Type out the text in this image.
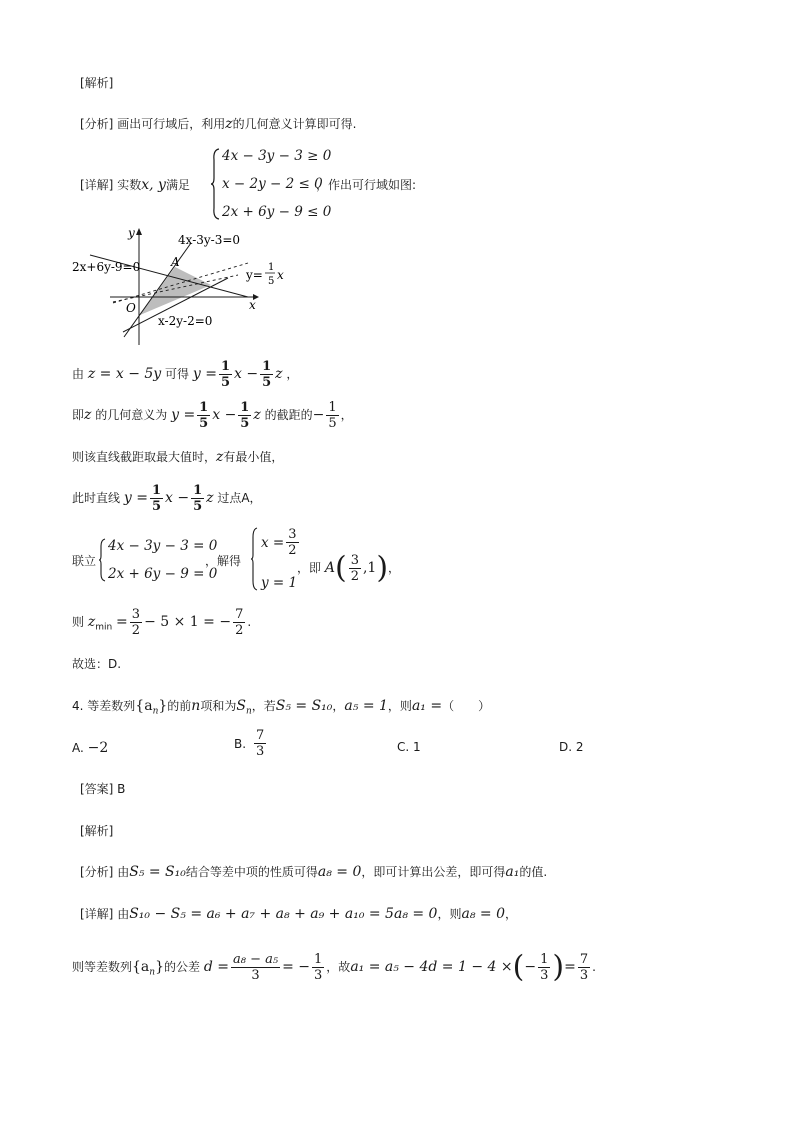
[解析]
[分析] 画出可行域后，利用z的几何意义计算即可得.
[详解] 实数x, y满足
4x − 3y − 3 ≥ 0
x − 2y − 2 ≤ 0
2x + 6y − 9 ≤ 0
，作出可行域如图:
y
x
O
A
4x-3y-3=0
2x+6y-9=0
x-2y-2=0
y=
1
5 x
由 z = x − 5y 可得 $y = \frac{1}{5}$ $x - \frac{1}{5}$ z ，
即z 的几何意义为 $y = \frac{1}{5}$ $x - \frac{1}{5}$ z 的截距的− $\frac{1}{5}$ ，
则该直线截距取最大值时，z有最小值，
此时直线 $y = \frac{1}{5}$ $x - \frac{1}{5}$ z 过点A，
联立
4x − 3y − 3 = 0
2x + 6y − 9 = 0
，解得
$x = \frac{3}{2}$
y = 1
，即 $A( \frac{3}{2} ,1)$，
则 $z_{min} = \frac{3}{2} - 5 \times 1$ = − $\frac{7}{2}$ .
故选：D.
4. 等差数列$\{a_n\}$的前n项和为$S_n$，若S₅ = S₁₀，a₅ = 1，则a₁ =（　　）
A. −2	B. $\frac{7}{3}$	C. 1	D. 2
[答案] B
[解析]
[分析] 由S₅ = S₁₀结合等差中项的性质可得a₈ = 0，即可计算出公差，即可得a₁的值.
[详解] 由S₁₀ − S₅ = a₆ + a₇ + a₈ + a₉ + a₁₀ = 5a₈ = 0，则a₈ = 0，
则等差数列$\{a_n\}$的公差 $d = \frac{\text{a₈ − a₅}}{3}$ = − $\frac{1}{3}$ ，故a₁ = a₅ − 4d = 1 − 4 ×(− $\frac{1}{3}$ )= $\frac{7}{3}$ .
